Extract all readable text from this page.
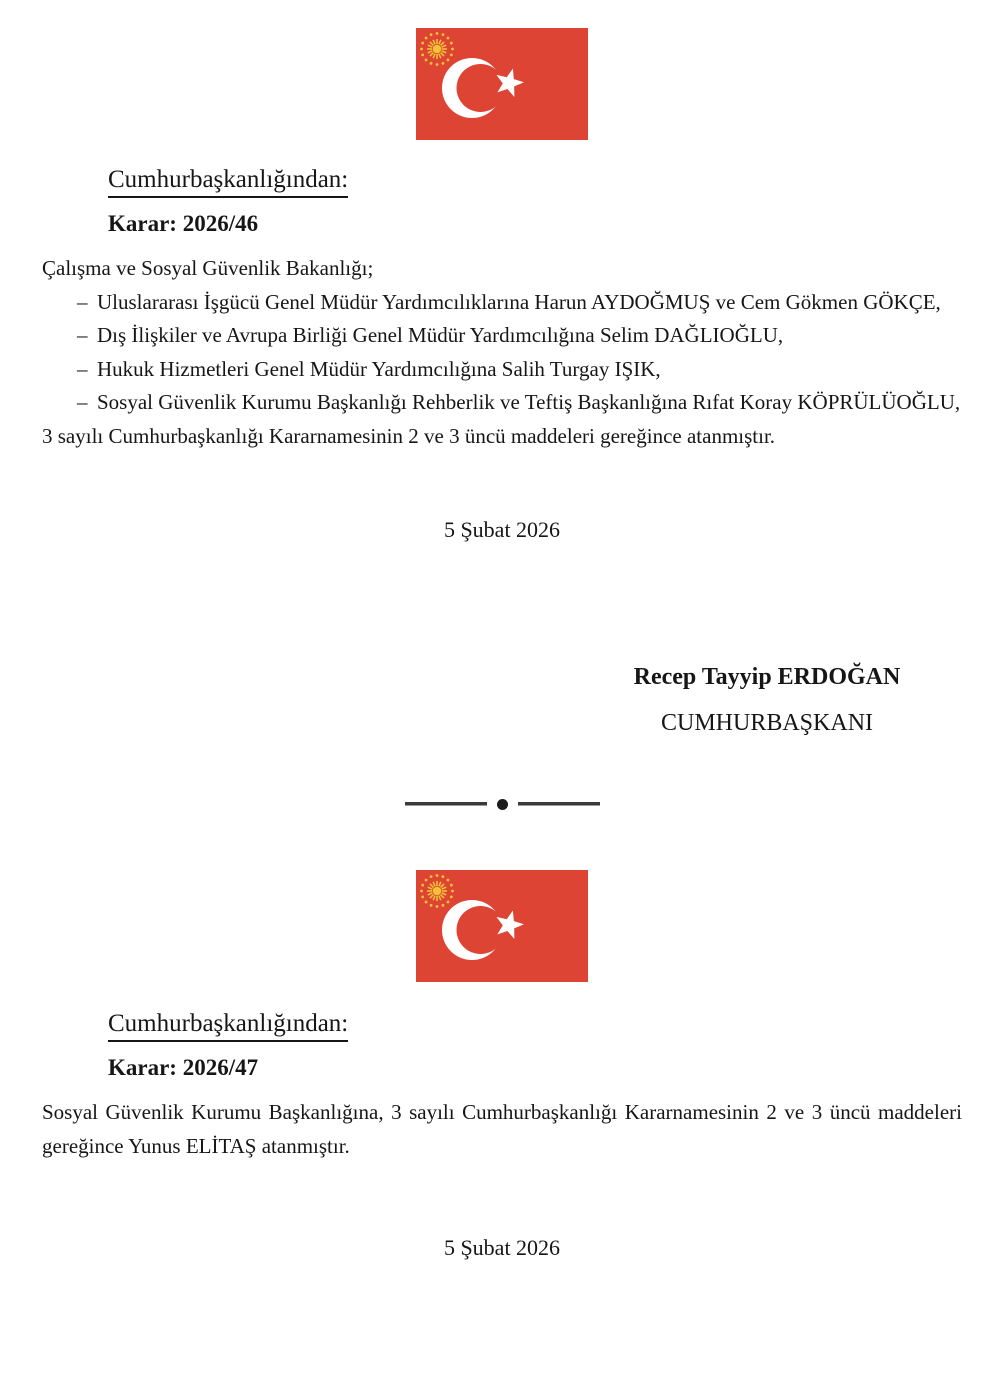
Cumhurbaşkanlığından:
Karar: 2026/46
Çalışma ve Sosyal Güvenlik Bakanlığı;
– Uluslararası İşgücü Genel Müdür Yardımcılıklarına Harun AYDOĞMUŞ ve Cem Gökmen GÖKÇE,
– Dış İlişkiler ve Avrupa Birliği Genel Müdür Yardımcılığına Selim DAĞLIOĞLU,
– Hukuk Hizmetleri Genel Müdür Yardımcılığına Salih Turgay IŞIK,
– Sosyal Güvenlik Kurumu Başkanlığı Rehberlik ve Teftiş Başkanlığına Rıfat Koray KÖPRÜLÜOĞLU,
3 sayılı Cumhurbaşkanlığı Kararnamesinin 2 ve 3 üncü maddeleri gereğince atanmıştır.
5 Şubat 2026
Recep Tayyip ERDOĞAN
CUMHURBAŞKANI
Cumhurbaşkanlığından:
Karar: 2026/47
Sosyal Güvenlik Kurumu Başkanlığına, 3 sayılı Cumhurbaşkanlığı Kararnamesinin 2 ve 3 üncü maddeleri gereğince Yunus ELİTAŞ atanmıştır.
5 Şubat 2026
